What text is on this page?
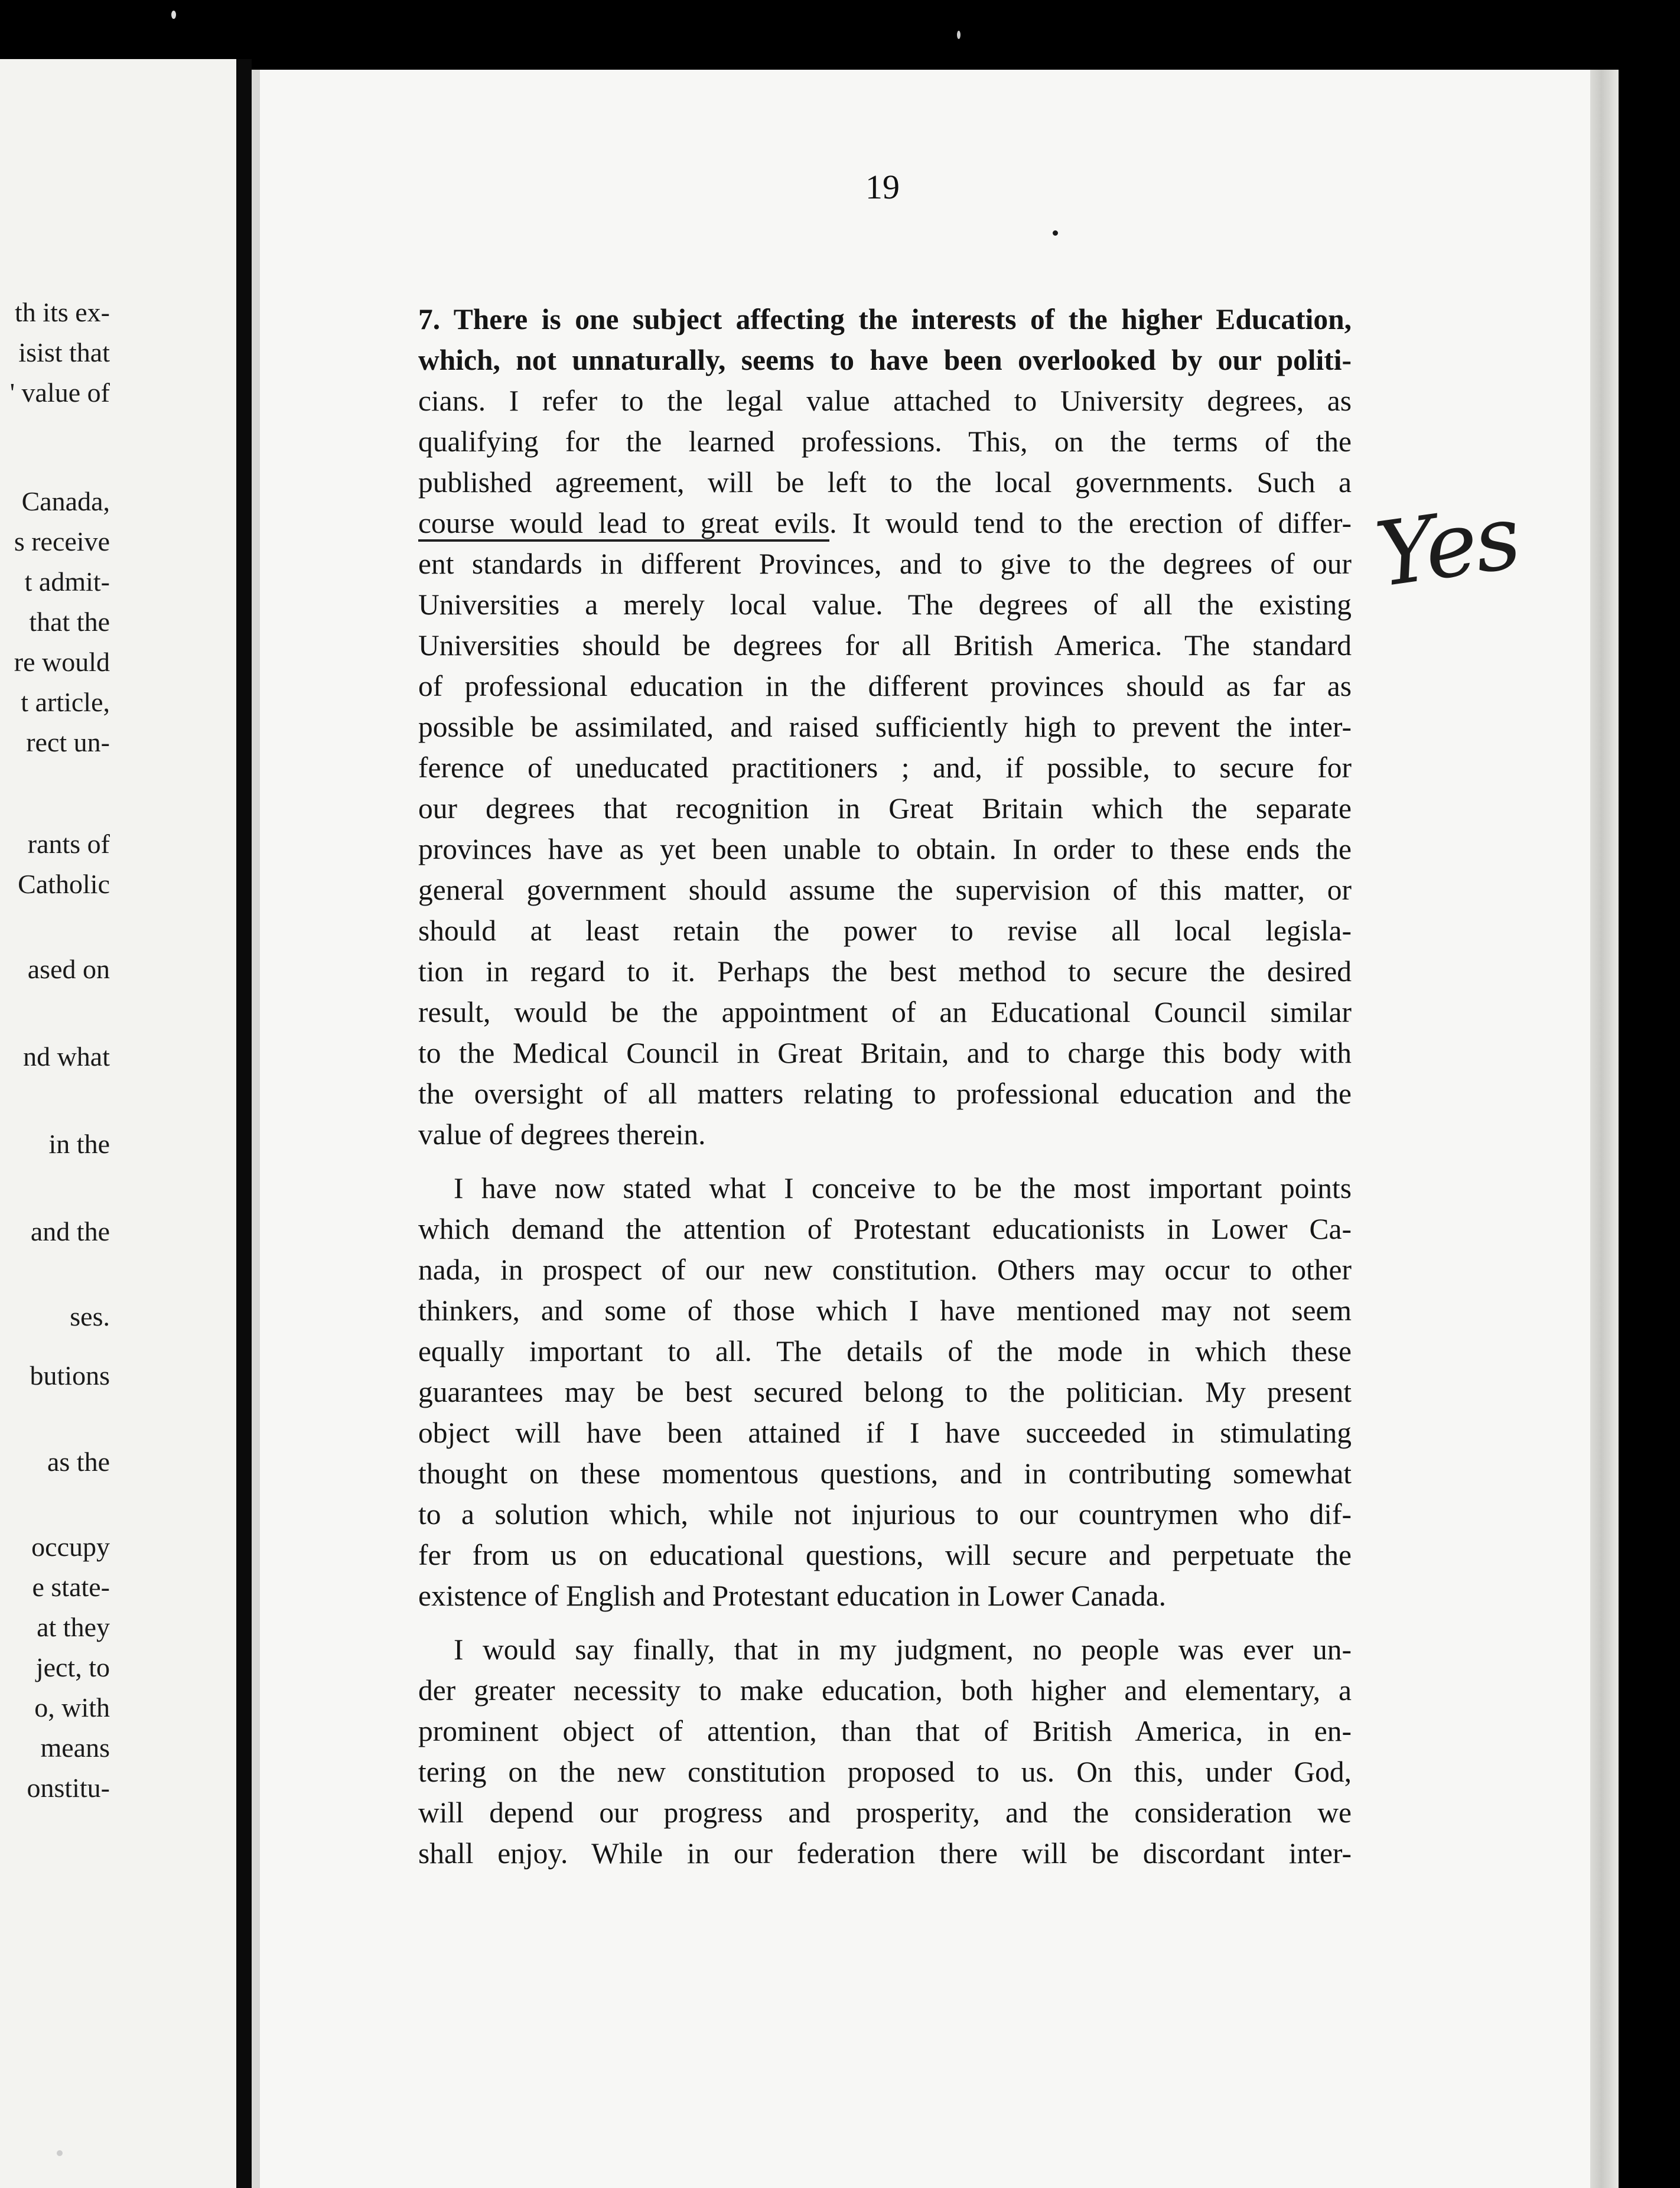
th its ex-
isist that
' value of
Canada,
s receive
t admit-
that the
re would
t article,
rect un-
rants of
Catholic
ased on
nd what
in the
and the
ses.
butions
as the
occupy
e state-
at they
ject, to
o, with
means
onstitu-
19
7. There is one subject affecting the interests of the higher Education,
which, not unnaturally, seems to have been overlooked by our politi-
cians. I refer to the legal value attached to University degrees, as
qualifying for the learned professions. This, on the terms of the
published agreement, will be left to the local governments. Such a
course would lead to great evils. It would tend to the erection of differ-
ent standards in different Provinces, and to give to the degrees of our
Universities a merely local value. The degrees of all the existing
Universities should be degrees for all British America. The standard
of professional education in the different provinces should as far as
possible be assimilated, and raised sufficiently high to prevent the inter-
ference of uneducated practitioners ; and, if possible, to secure for
our degrees that recognition in Great Britain which the separate
provinces have as yet been unable to obtain. In order to these ends the
general government should assume the supervision of this matter, or
should at least retain the power to revise all local legisla-
tion in regard to it. Perhaps the best method to secure the desired
result, would be the appointment of an Educational Council similar
to the Medical Council in Great Britain, and to charge this body with
the oversight of all matters relating to professional education and the
value of degrees therein.
I have now stated what I conceive to be the most important points
which demand the attention of Protestant educationists in Lower Ca-
nada, in prospect of our new constitution. Others may occur to other
thinkers, and some of those which I have mentioned may not seem
equally important to all. The details of the mode in which these
guarantees may be best secured belong to the politician. My present
object will have been attained if I have succeeded in stimulating
thought on these momentous questions, and in contributing somewhat
to a solution which, while not injurious to our countrymen who dif-
fer from us on educational questions, will secure and perpetuate the
existence of English and Protestant education in Lower Canada.
I would say finally, that in my judgment, no people was ever un-
der greater necessity to make education, both higher and elementary, a
prominent object of attention, than that of British America, in en-
tering on the new constitution proposed to us. On this, under God,
will depend our progress and prosperity, and the consideration we
shall enjoy. While in our federation there will be discordant inter-
Yes
